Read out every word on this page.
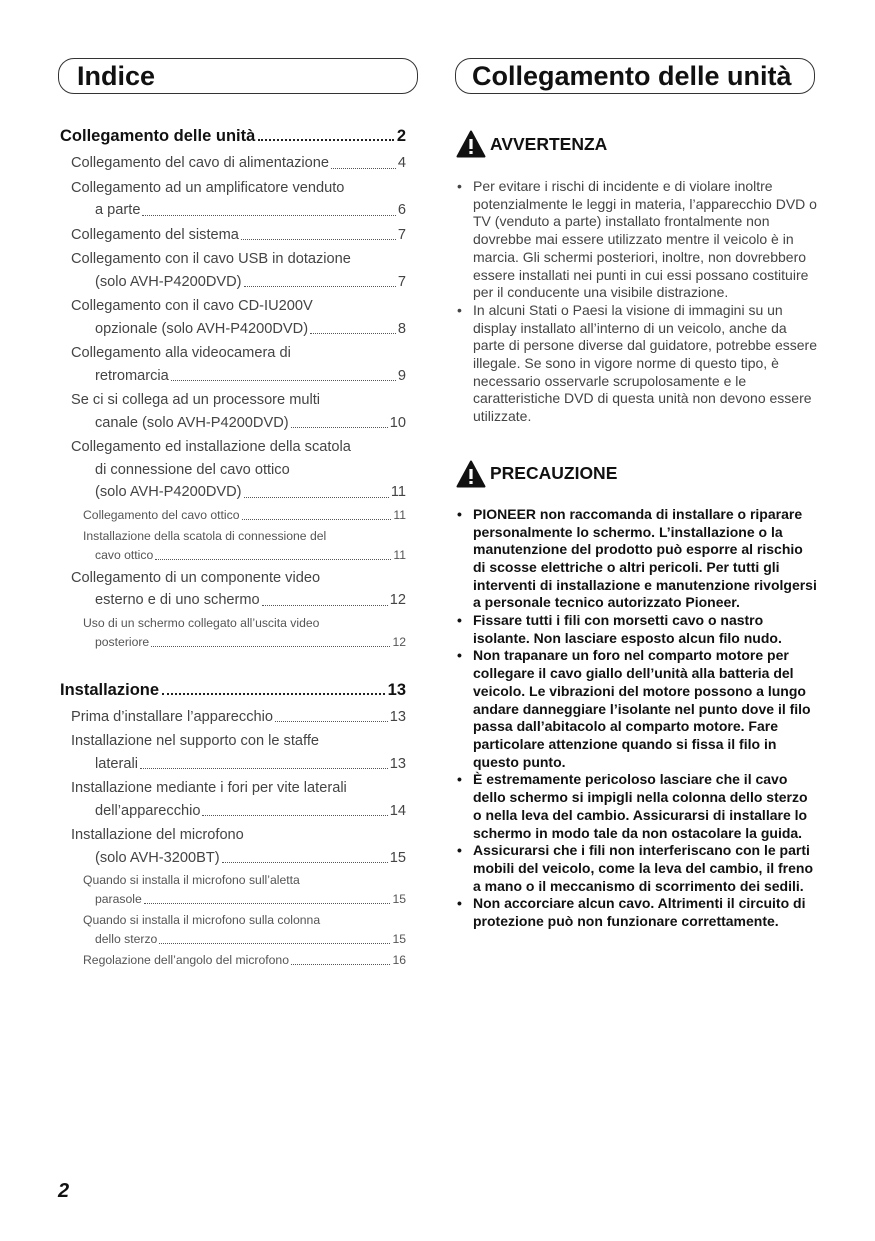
Indice	Collegamento delle unità
Collegamento delle unità	2
Collegamento del cavo di alimentazione	4
Collegamento ad un amplificatore venduto
a parte	6
Collegamento del sistema	7
Collegamento con il cavo USB in dotazione
(solo AVH-P4200DVD)	7
Collegamento con il cavo CD-IU200V
opzionale (solo AVH-P4200DVD)	8
Collegamento alla videocamera di
retromarcia	9
Se ci si collega ad un processore multi
canale (solo AVH-P4200DVD)	10
Collegamento ed installazione della scatola
di connessione del cavo ottico
(solo AVH-P4200DVD)	11
Collegamento del cavo ottico	11
Installazione della scatola di connessione del
cavo ottico	11
Collegamento di un componente video
esterno e di uno schermo	12
Uso di un schermo collegato all’uscita video
posteriore	12
Installazione	13
Prima d’installare l’apparecchio	13
Installazione nel supporto con le staffe
laterali	13
Installazione mediante i fori per vite laterali
dell’apparecchio	14
Installazione del microfono
(solo AVH-3200BT)	15
Quando si installa il microfono sull’aletta
parasole	15
Quando si installa il microfono sulla colonna
dello sterzo	15
Regolazione dell’angolo del microfono	16
AVVERTENZA
• Per evitare i rischi di incidente e di violare inoltre potenzialmente le leggi in materia, l’apparecchio DVD o TV (venduto a parte) installato frontalmente non dovrebbe mai essere utilizzato mentre il veicolo è in marcia. Gli schermi posteriori, inoltre, non dovrebbero essere installati nei punti in cui essi possano costituire per il conducente una visibile distrazione.
• In alcuni Stati o Paesi la visione di immagini su un display installato all’interno di un veicolo, anche da parte di persone diverse dal guidatore, potrebbe essere illegale. Se sono in vigore norme di questo tipo, è necessario osservarle scrupolosamente e le caratteristiche DVD di questa unità non devono essere utilizzate.
PRECAUZIONE
• PIONEER non raccomanda di installare o riparare personalmente lo schermo. L’installazione o la manutenzione del prodotto può esporre al rischio di scosse elettriche o altri pericoli. Per tutti gli interventi di installazione e manutenzione rivolgersi a personale tecnico autorizzato Pioneer.
• Fissare tutti i fili con morsetti cavo o nastro isolante. Non lasciare esposto alcun filo nudo.
• Non trapanare un foro nel comparto motore per collegare il cavo giallo dell’unità alla batteria del veicolo. Le vibrazioni del motore possono a lungo andare danneggiare l’isolante nel punto dove il filo passa dall’abitacolo al comparto motore. Fare particolare attenzione quando si fissa il filo in questo punto.
• È estremamente pericoloso lasciare che il cavo dello schermo si impigli nella colonna dello sterzo o nella leva del cambio. Assicurarsi di installare lo schermo in modo tale da non ostacolare la guida.
• Assicurarsi che i fili non interferiscano con le parti mobili del veicolo, come la leva del cambio, il freno a mano o il meccanismo di scorrimento dei sedili.
• Non accorciare alcun cavo. Altrimenti il circuito di protezione può non funzionare correttamente.
2
